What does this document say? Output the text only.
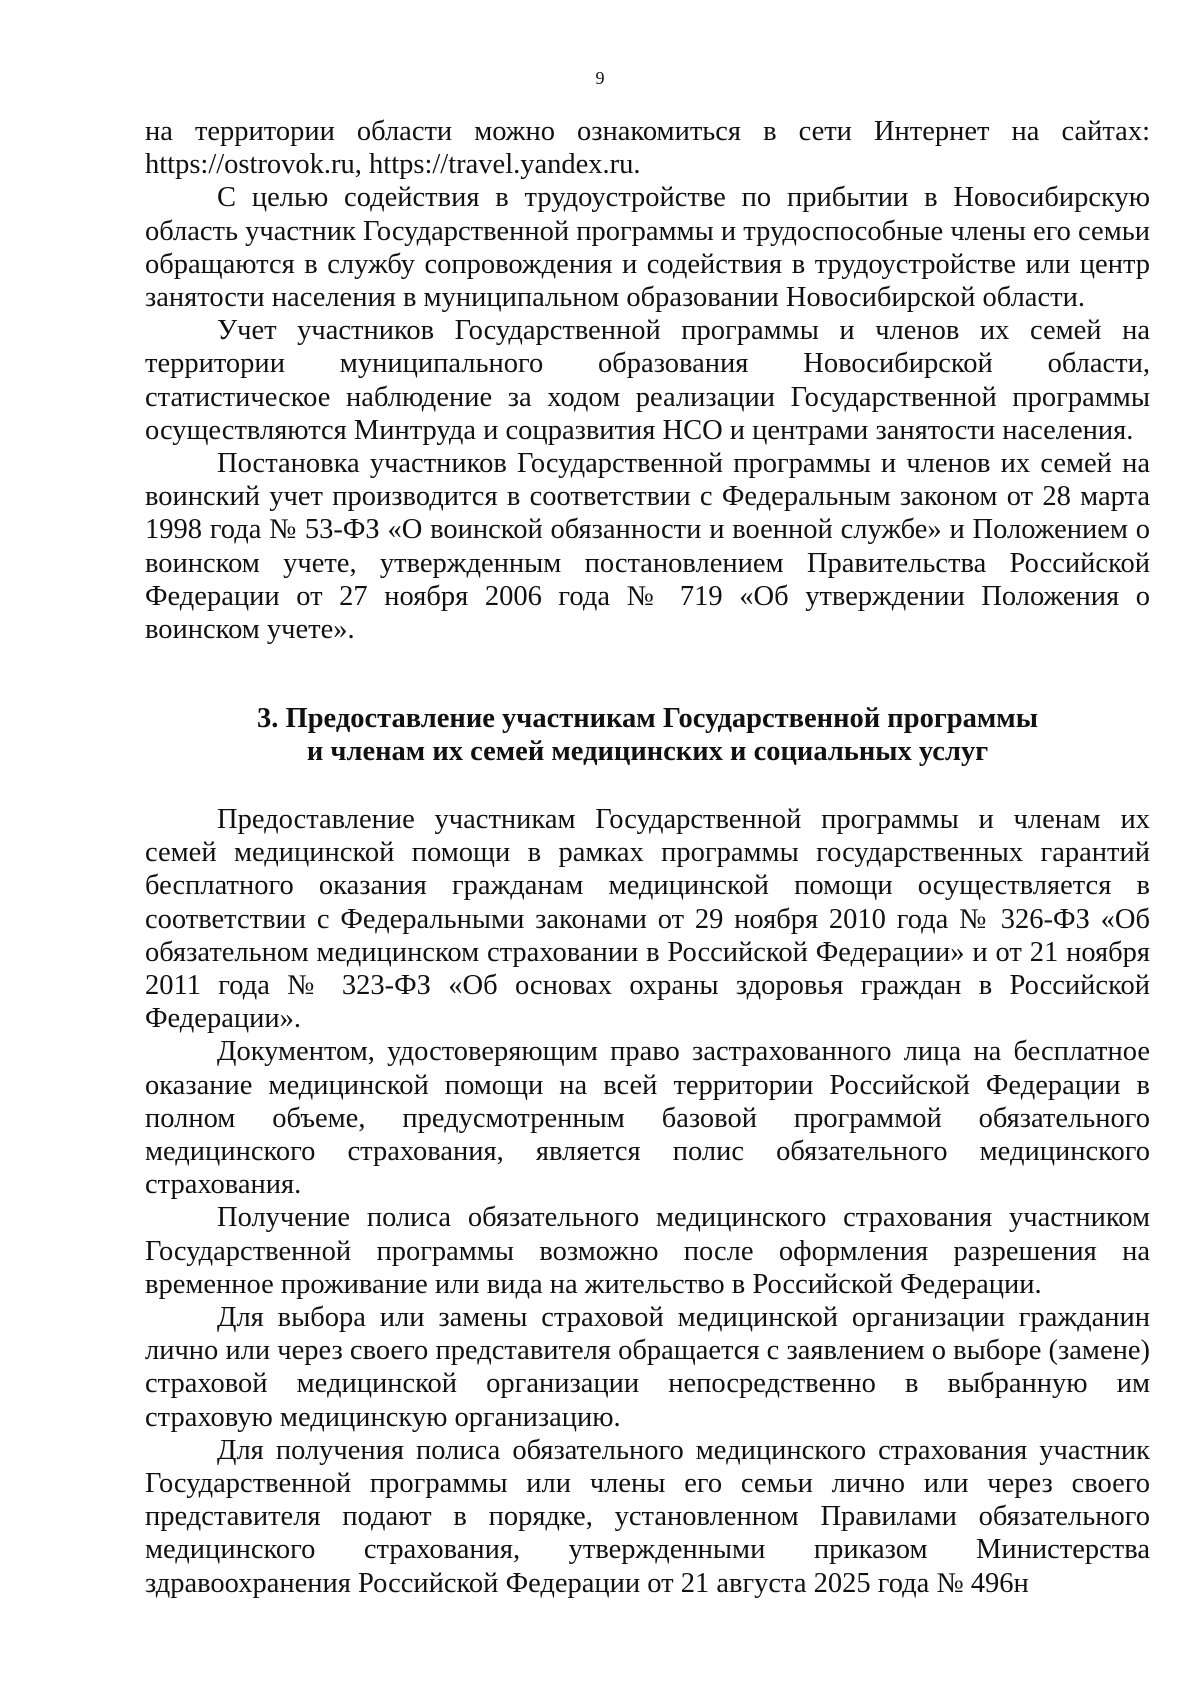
9

на территории области можно ознакомиться в сети Интернет на сайтах: https://ostrovok.ru, https://travel.yandex.ru.

С целью содействия в трудоустройстве по прибытии в Новосибирскую область участник Государственной программы и трудоспособные члены его семьи обращаются в службу сопровождения и содействия в трудоустройстве или центр занятости населения в муниципальном образовании Новосибирской области.

Учет участников Государственной программы и членов их семей на территории муниципального образования Новосибирской области, статистическое наблюдение за ходом реализации Государственной программы осуществляются Минтруда и соцразвития НСО и центрами занятости населения.

Постановка участников Государственной программы и членов их семей на воинский учет производится в соответствии с Федеральным законом от 28 марта 1998 года № 53-ФЗ «О воинской обязанности и военной службе» и Положением о воинском учете, утвержденным постановлением Правительства Российской Федерации от 27 ноября 2006 года № 719 «Об утверждении Положения о воинском учете».

3. Предоставление участникам Государственной программы
и членам их семей медицинских и социальных услуг

Предоставление участникам Государственной программы и членам их семей медицинской помощи в рамках программы государственных гарантий бесплатного оказания гражданам медицинской помощи осуществляется в соответствии с Федеральными законами от 29 ноября 2010 года № 326-ФЗ «Об обязательном медицинском страховании в Российской Федерации» и от 21 ноября 2011 года № 323-ФЗ «Об основах охраны здоровья граждан в Российской Федерации».

Документом, удостоверяющим право застрахованного лица на бесплатное оказание медицинской помощи на всей территории Российской Федерации в полном объеме, предусмотренным базовой программой обязательного медицинского страхования, является полис обязательного медицинского страхования.

Получение полиса обязательного медицинского страхования участником Государственной программы возможно после оформления разрешения на временное проживание или вида на жительство в Российской Федерации.

Для выбора или замены страховой медицинской организации гражданин лично или через своего представителя обращается с заявлением о выборе (замене) страховой медицинской организации непосредственно в выбранную им страховую медицинскую организацию.

Для получения полиса обязательного медицинского страхования участник Государственной программы или члены его семьи лично или через своего представителя подают в порядке, установленном Правилами обязательного медицинского страхования, утвержденными приказом Министерства здравоохранения Российской Федерации от 21 августа 2025 года № 496н
